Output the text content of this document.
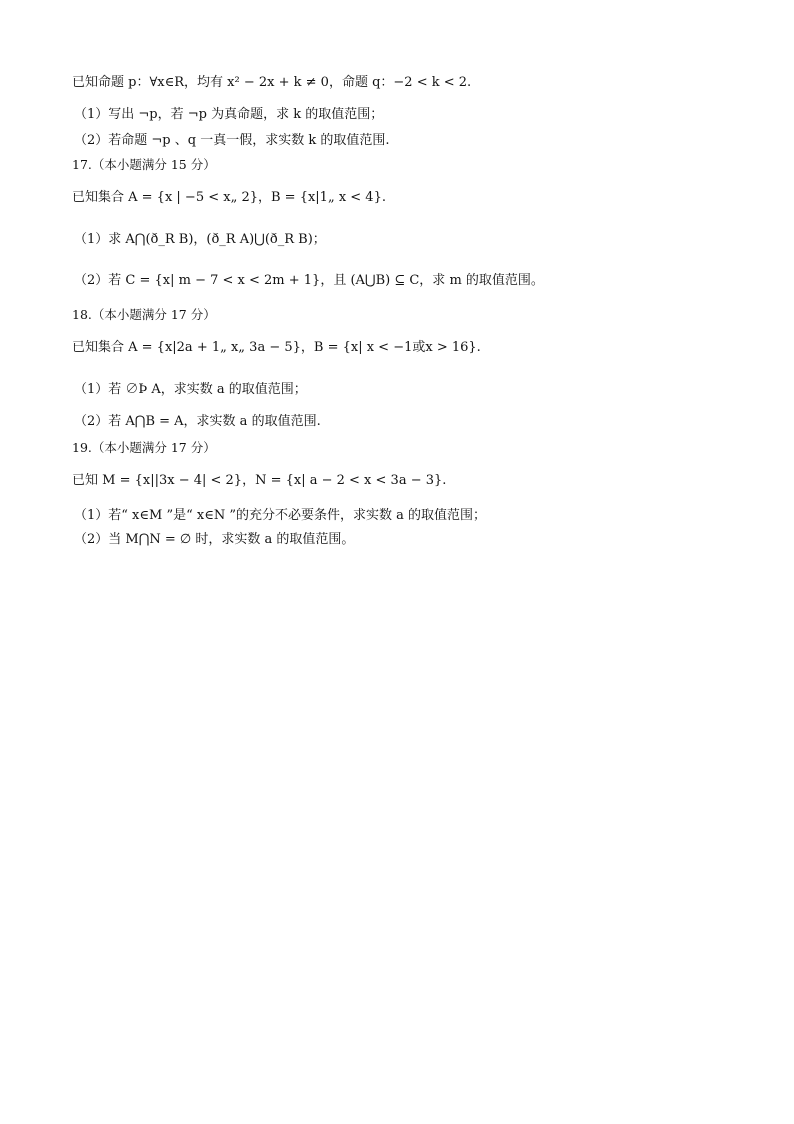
已知命题 p：∀x∈R，均有 x² − 2x + k ≠ 0，命题 q：−2 < k < 2.
（1）写出 ¬p，若 ¬p 为真命题，求 k 的取值范围；
（2）若命题 ¬p 、q 一真一假，求实数 k 的取值范围.
17.（本小题满分 15 分）
已知集合 A = {x | −5 < x„ 2}，B = {x|1„ x < 4}.
（1）求 A⋂(ð_R B)，(ð_R A)⋃(ð_R B)；
（2）若 C = {x| m − 7 < x < 2m + 1}，且 (A⋃B) ⊆ C，求 m 的取值范围。
18.（本小题满分 17 分）
已知集合 A = {x|2a + 1„ x„ 3a − 5}，B = {x| x < −1或x > 16}.
（1）若 ∅Þ A，求实数 a 的取值范围；
（2）若 A⋂B = A，求实数 a 的取值范围.
19.（本小题满分 17 分）
已知 M = {x||3x − 4| < 2}，N = {x| a − 2 < x < 3a − 3}.
（1）若“ x∈M ”是“ x∈N ”的充分不必要条件，求实数 a 的取值范围；
（2）当 M⋂N = ∅ 时，求实数 a 的取值范围。
